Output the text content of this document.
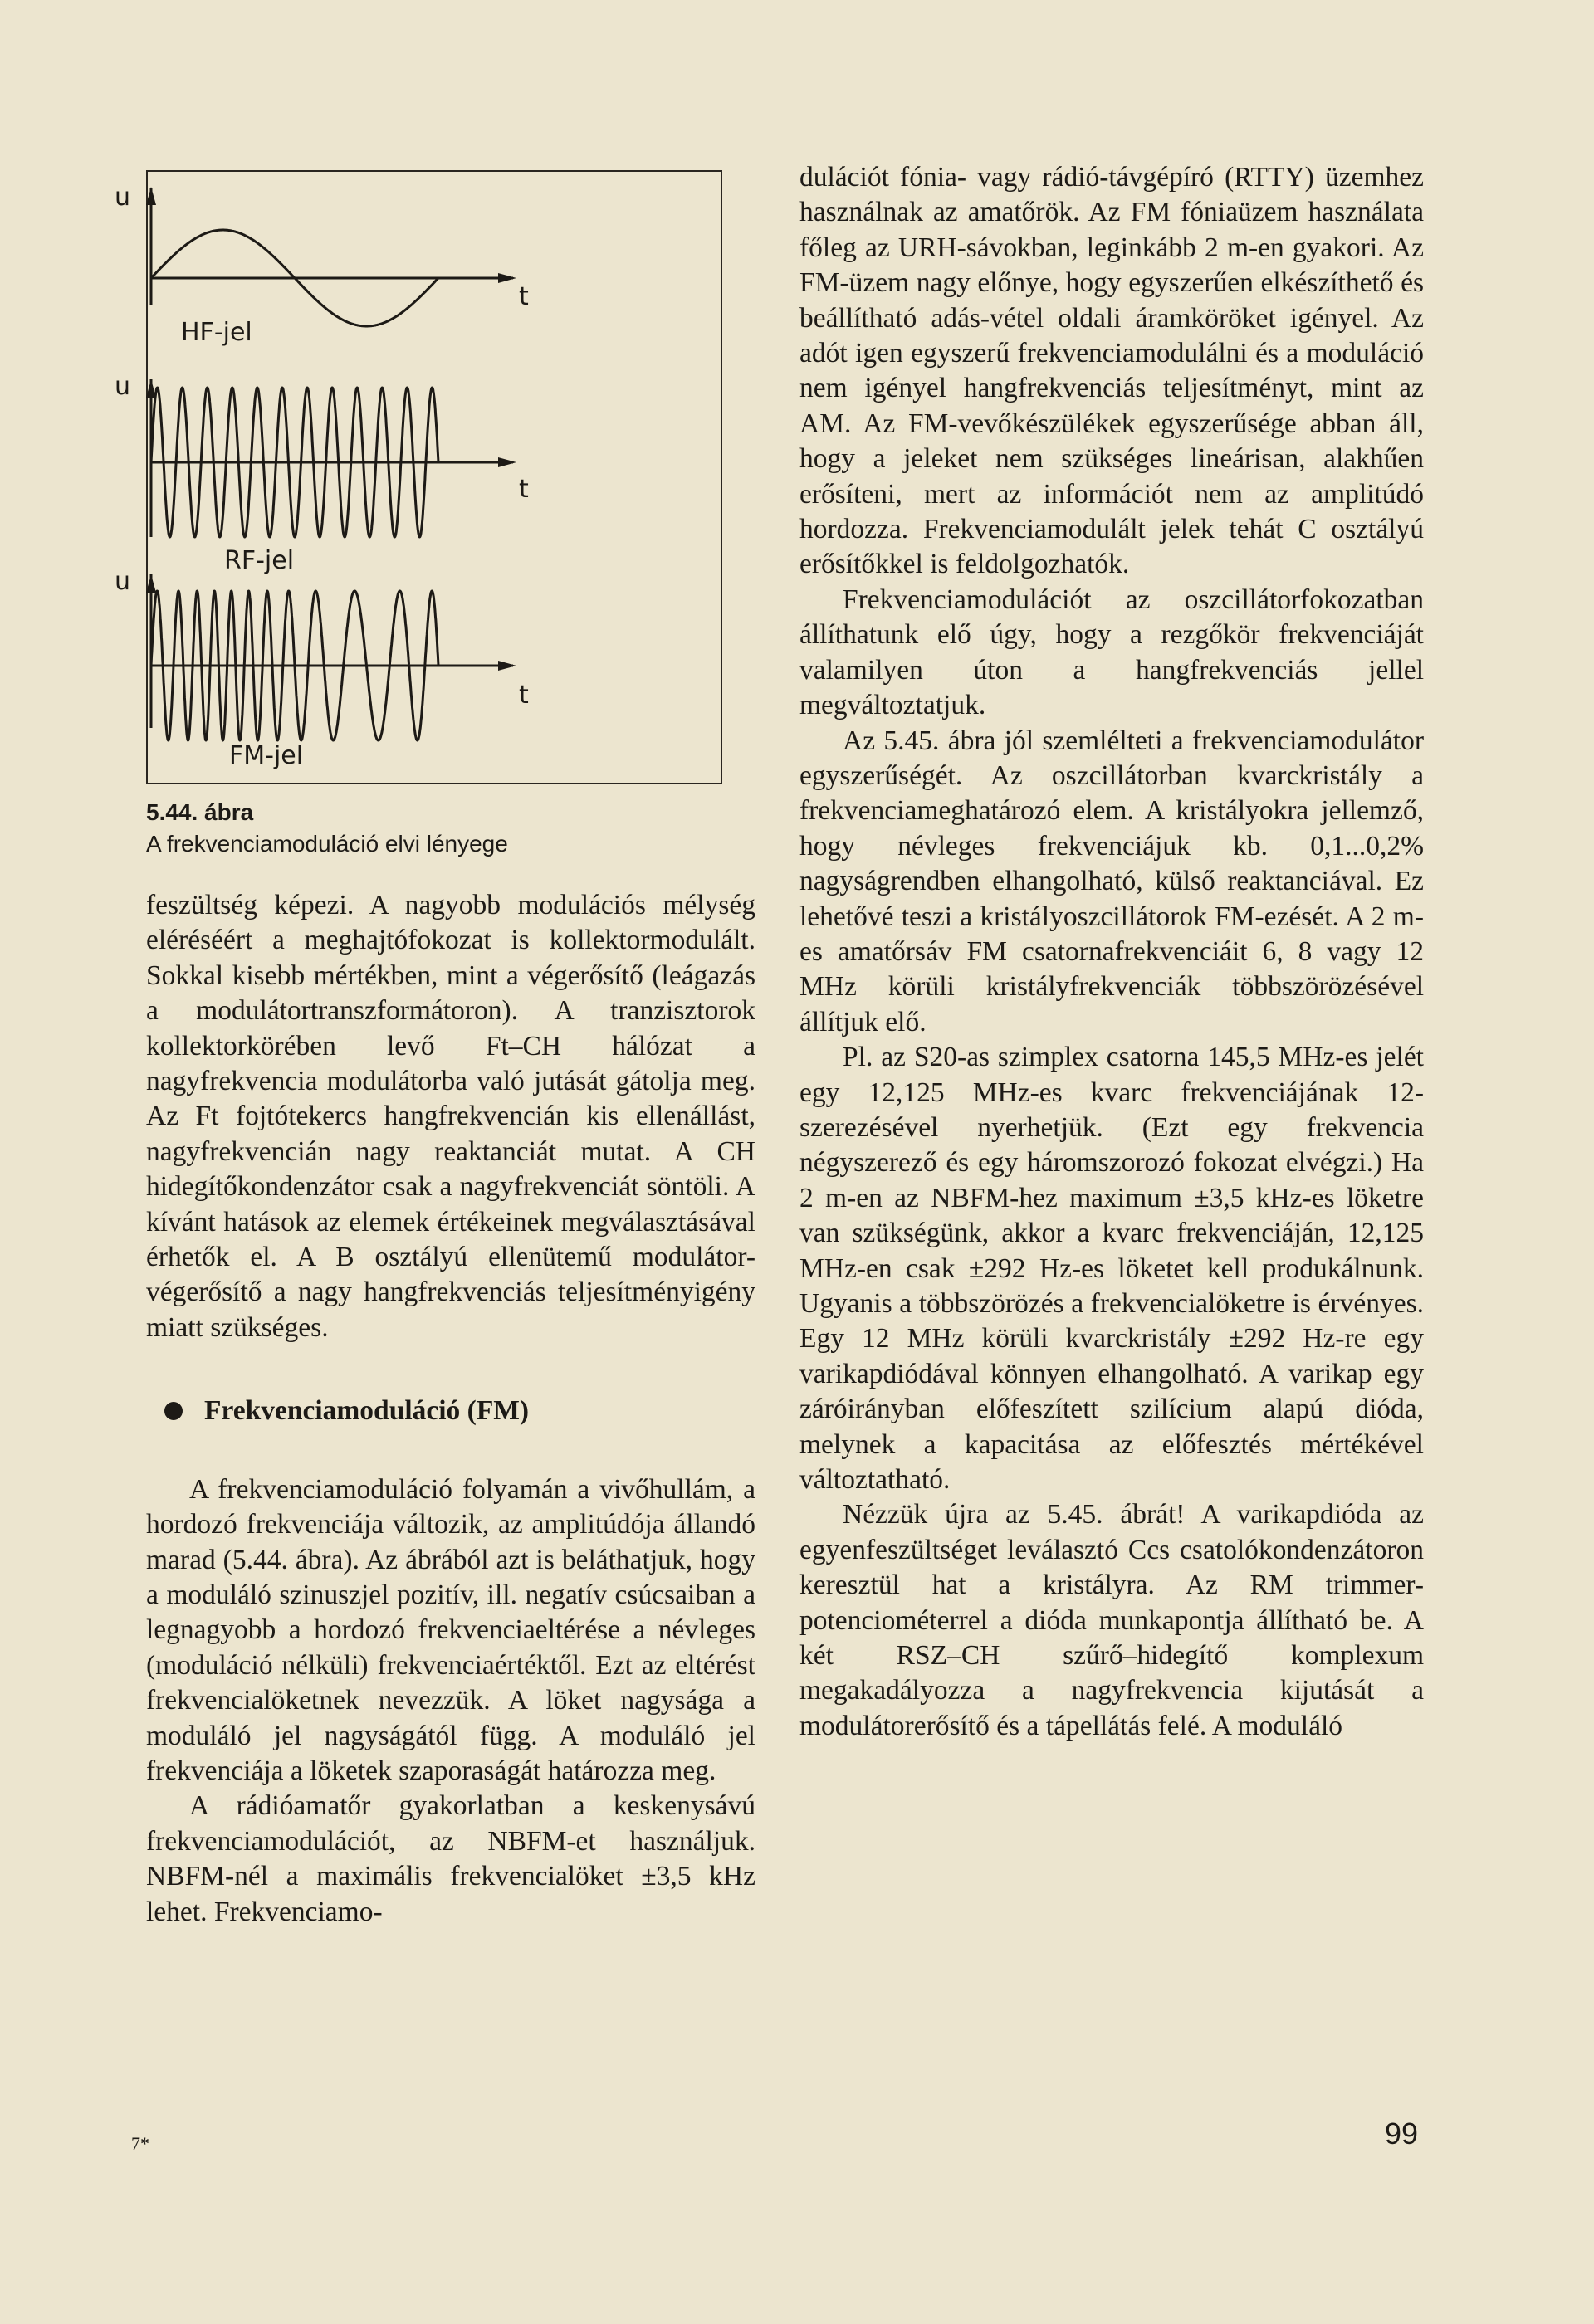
u
t
HF-jel
u
t
RF-jel
u
t
FM-jel
5.44. ábra
A frekvenciamoduláció elvi lényege

feszültség képezi. A nagyobb modulációs mélység eléréséért a meghajtófokozat is kollektormodulált. Sokkal kisebb mértékben, mint a végerősítő (leágazás a modulátortranszformátoron). A tranzisztorok kollektorkörében levő Ft–CH hálózat a nagyfrekvencia modulátorba való jutását gátolja meg. Az Ft fojtótekercs hangfrekvencián kis ellenállást, nagyfrekvencián nagy reaktanciát mutat. A CH hidegítőkondenzátor csak a nagyfrekvenciát söntöli. A kívánt hatások az elemek értékeinek megválasztásával érhetők el. A B osztályú ellenütemű modulátor-végerősítő a nagy hangfrekvenciás teljesítményigény miatt szükséges.

Frekvenciamoduláció (FM)

A frekvenciamoduláció folyamán a vivőhullám, a hordozó frekvenciája változik, az amplitúdója állandó marad (5.44. ábra). Az ábrából azt is beláthatjuk, hogy a moduláló szinuszjel pozitív, ill. negatív csúcsaiban a legnagyobb a hordozó frekvenciaeltérése a névleges (moduláció nélküli) frekvenciaértéktől. Ezt az eltérést frekvencialöketnek nevezzük. A löket nagysága a moduláló jel nagyságától függ. A moduláló jel frekvenciája a löketek szaporaságát határozza meg.

A rádióamatőr gyakorlatban a keskenysávú frekvenciamodulációt, az NBFM-et használjuk. NBFM-nél a maximális frekvencialöket ±3,5 kHz lehet. Frekvenciamo-

dulációt fónia- vagy rádió-távgépíró (RTTY) üzemhez használnak az amatőrök. Az FM fóniaüzem használata főleg az URH-sávokban, leginkább 2 m-en gyakori. Az FM-üzem nagy előnye, hogy egyszerűen elkészíthető és beállítható adás-vétel oldali áramköröket igényel. Az adót igen egyszerű frekvenciamodulálni és a moduláció nem igényel hangfrekvenciás teljesítményt, mint az AM. Az FM-vevőkészülékek egyszerűsége abban áll, hogy a jeleket nem szükséges lineárisan, alakhűen erősíteni, mert az információt nem az amplitúdó hordozza. Frekvenciamodulált jelek tehát C osztályú erősítőkkel is feldolgozhatók.

Frekvenciamodulációt az oszcillátorfokozatban állíthatunk elő úgy, hogy a rezgőkör frekvenciáját valamilyen úton a hangfrekvenciás jellel megváltoztatjuk.

Az 5.45. ábra jól szemlélteti a frekvenciamodulátor egyszerűségét. Az oszcillátorban kvarckristály a frekvenciameghatározó elem. A kristályokra jellemző, hogy névleges frekvenciájuk kb. 0,1...0,2% nagyságrendben elhangolható, külső reaktanciával. Ez lehetővé teszi a kristályoszcillátorok FM-ezését. A 2 m-es amatőrsáv FM csatornafrekvenciáit 6, 8 vagy 12 MHz körüli kristályfrekvenciák többszörözésével állítjuk elő.

Pl. az S20-as szimplex csatorna 145,5 MHz-es jelét egy 12,125 MHz-es kvarc frekvenciájának 12-szerezésével nyerhetjük. (Ezt egy frekvencia négyszerező és egy háromszorozó fokozat elvégzi.) Ha 2 m-en az NBFM-hez maximum ±3,5 kHz-es löketre van szükségünk, akkor a kvarc frekvenciáján, 12,125 MHz-en csak ±292 Hz-es löketet kell produkálnunk. Ugyanis a többszörözés a frekvencialöketre is érvényes. Egy 12 MHz körüli kvarckristály ±292 Hz-re egy varikapdiódával könnyen elhangolható. A varikap egy záróirányban előfeszített szilícium alapú dióda, melynek a kapacitása az előfesztés mértékével változtatható.

Nézzük újra az 5.45. ábrát! A varikapdióda az egyenfeszültséget leválasztó Ccs csatolókondenzátoron keresztül hat a kristályra. Az RM trimmer-potenciométerrel a dióda munkapontja állítható be. A két RSZ–CH szűrő–hidegítő komplexum megakadályozza a nagyfrekvencia kijutását a modulátorerősítő és a tápellátás felé. A moduláló

7*	99
